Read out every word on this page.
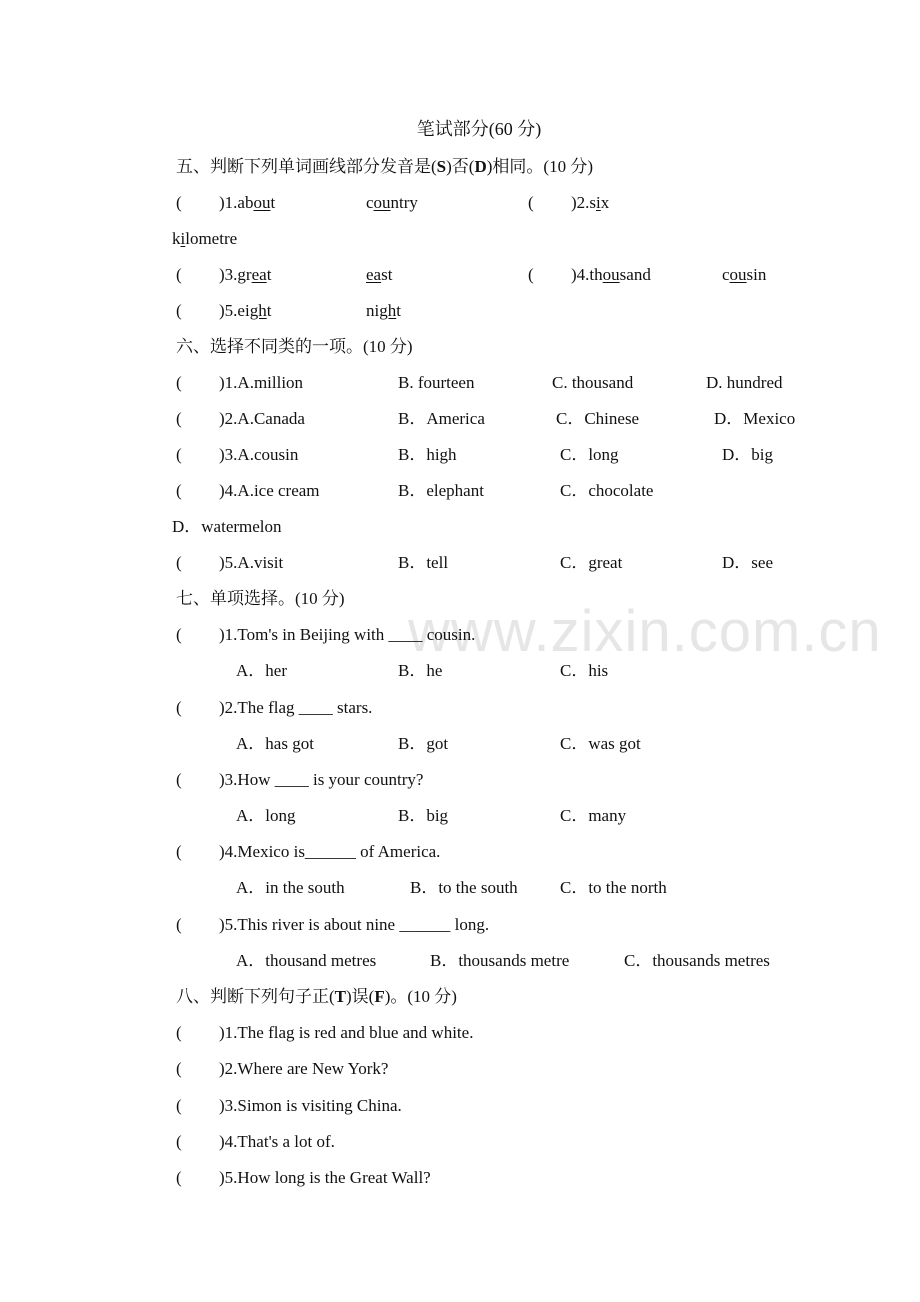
www.zixin.com.cn
笔试部分(60 分)
五、判断下列单词画线部分发音是(S)否(D)相同。(10 分)
( )1.about	country	( )2.six
kilometre
( )3.great	east	( )4.thousand	cousin
( )5.eight	night
六、选择不同类的一项。(10 分)
( )1.A.million	B. fourteen	C. thousand	D. hundred
( )2.A.Canada	B．America	C．Chinese	D．Mexico
( )3.A.cousin	B．high	C．long	D．big
( )4.A.ice cream	B．elephant	C．chocolate
D．watermelon
( )5.A.visit	B．tell	C．great	D．see
七、单项选择。(10 分)
( )1.Tom's in Beijing with ____ cousin.
A．her	B．he	C．his
( )2.The flag ____ stars.
A．has got	B．got	C．was got
( )3.How ____ is your country?
A．long	B．big	C．many
( )4.Mexico is______ of America.
A．in the south	B．to the south C．to the north
( )5.This river is about nine ______ long.
A．thousand metres	B．thousands metre	C．thousands metres
八、判断下列句子正(T)误(F)。(10 分)
( )1.The flag is red and blue and white.
( )2.Where are New York?
( )3.Simon is visiting China.
( )4.That's a lot of.
( )5.How long is the Great Wall?
